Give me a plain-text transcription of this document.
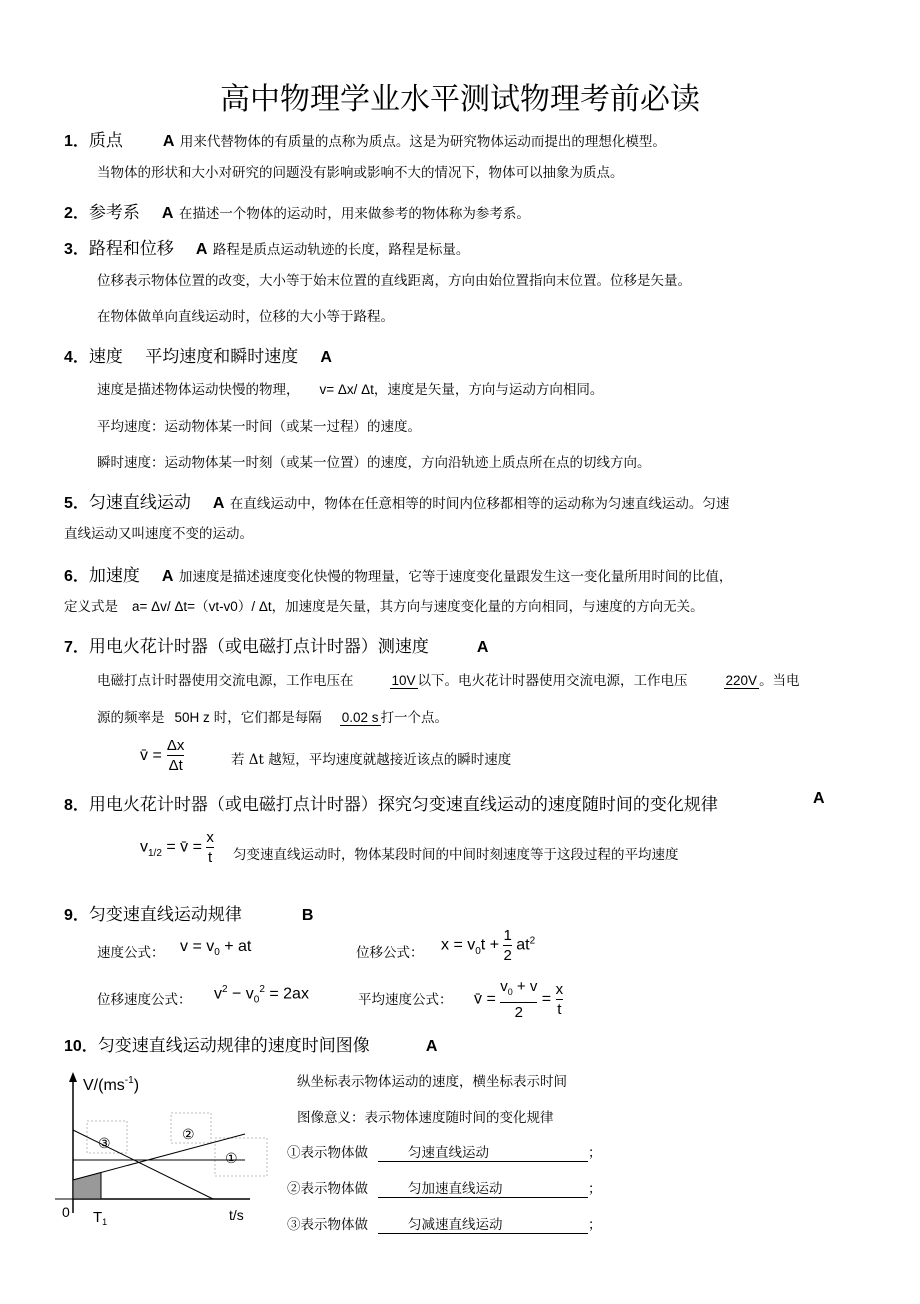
高中物理学业水平测试物理考前必读
1．质点	A 用来代替物体的有质量的点称为质点。这是为研究物体运动而提出的理想化模型。
当物体的形状和大小对研究的问题没有影响或影响不大的情况下，物体可以抽象为质点。
2．参考系 A 在描述一个物体的运动时，用来做参考的物体称为参考系。
3．路程和位移 A 路程是质点运动轨迹的长度，路程是标量。
位移表示物体位置的改变，大小等于始末位置的直线距离，方向由始位置指向末位置。位移是矢量。
在物体做单向直线运动时，位移的大小等于路程。
4．速度　 平均速度和瞬时速度 A
速度是描述物体运动快慢的物理， v= Δx/ Δt，速度是矢量，方向与运动方向相同。
平均速度：运动物体某一时间（或某一过程）的速度。
瞬时速度：运动物体某一时刻（或某一位置）的速度，方向沿轨迹上质点所在点的切线方向。
5．匀速直线运动 A 在直线运动中，物体在任意相等的时间内位移都相等的运动称为匀速直线运动。匀速
直线运动又叫速度不变的运动。
6．加速度 A 加速度是描述速度变化快慢的物理量，它等于速度变化量跟发生这一变化量所用时间的比值，
定义式是 a= Δv/ Δt=（vt-v0）/ Δt，加速度是矢量，其方向与速度变化量的方向相同，与速度的方向无关。
7．用电火花计时器（或电磁打点计时器）测速度	A
电磁打点计时器使用交流电源，工作电压在	10V 以下。电火花计时器使用交流电源，工作电压	220V 。当电
源的频率是 50H z 时，它们都是每隔 0.02 s 打一个点。
v̄ = $\frac{\Delta x}{\Delta t}$	若 Δt 越短，平均速度就越接近该点的瞬时速度
8．用电火花计时器（或电磁打点计时器）探究匀变速直线运动的速度随时间的变化规律	A
$v_{1/2}$ = v̄ = $\frac{x}{t}$ 匀变速直线运动时，物体某段时间的中间时刻速度等于这段过程的平均速度
9．匀变速直线运动规律	B
速度公式： $v = v_0$ + at	位移公式： $x = v_0t + \frac{1}{2} at^2$
位移速度公式： $v^2 - v_0^2 = 2ax$	平均速度公式： v̄ = $\frac{v_0 + v}{2} = \frac{x}{t}$
10．匀变速直线运动规律的速度时间图像	A
$V/(ms^{-1})$
③
②
①
0 $T_1$	t/s
纵坐标表示物体运动的速度，横坐标表示时间
图像意义：表示物体速度随时间的变化规律
①表示物体做	匀速直线运动	；
②表示物体做	匀加速直线运动	；
③表示物体做	匀减速直线运动	；
